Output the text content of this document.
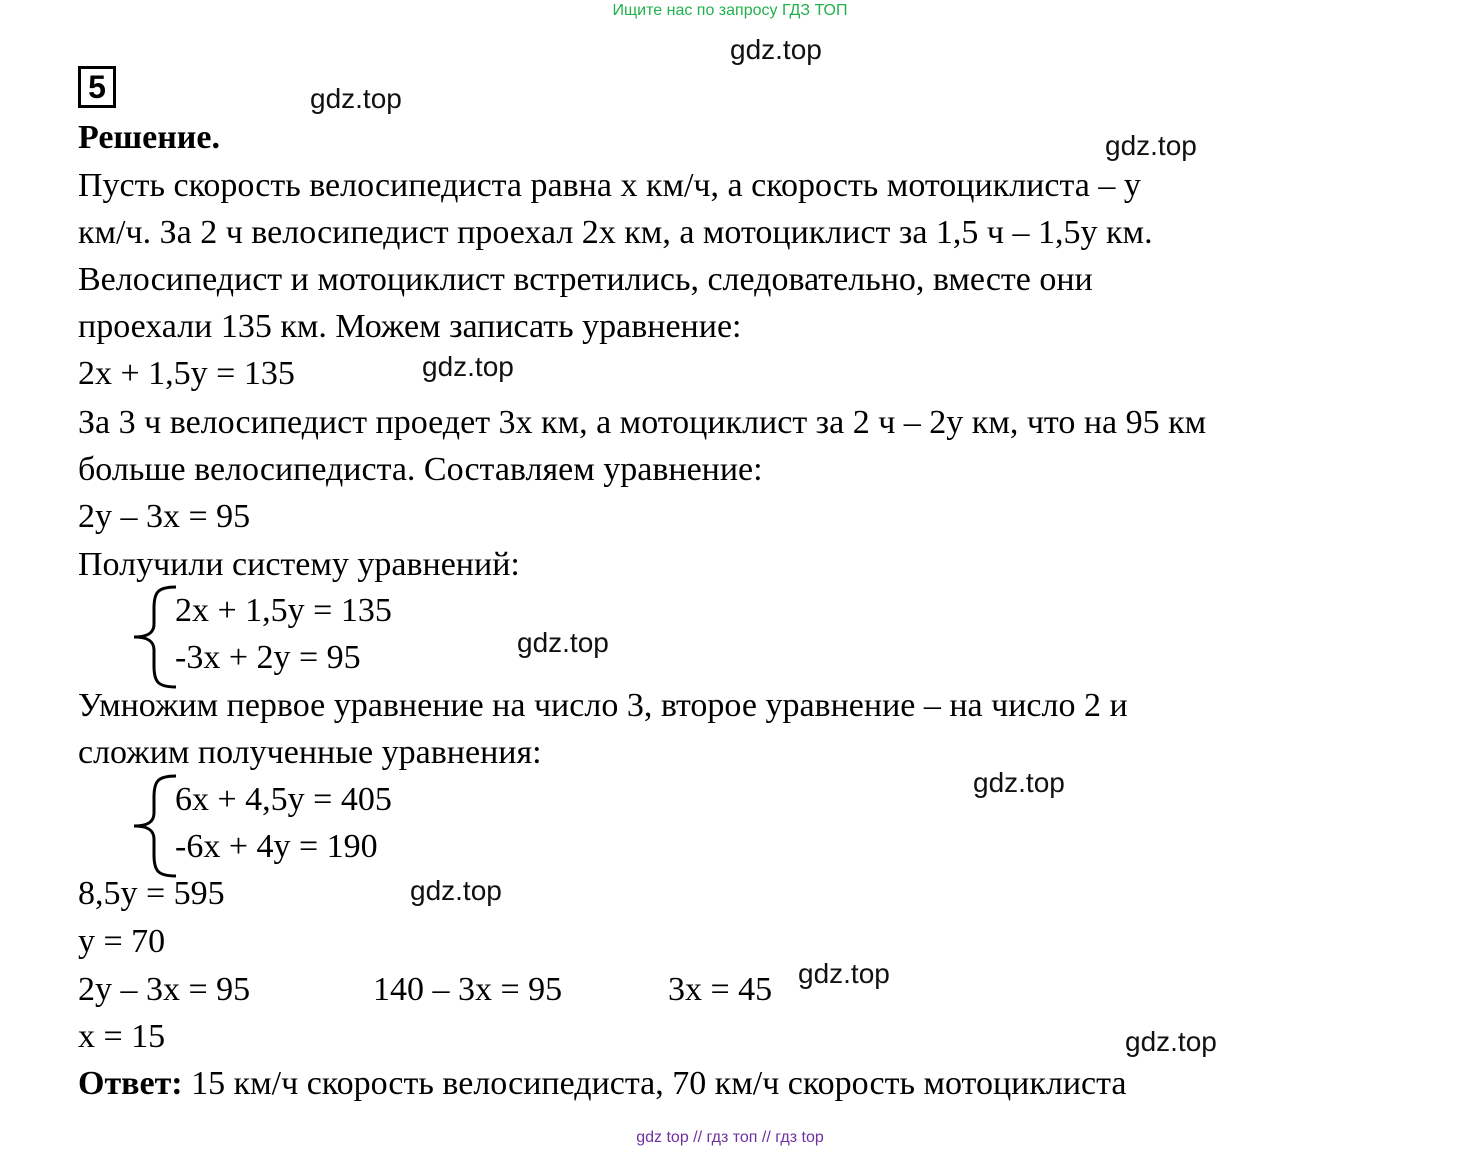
Ищите нас по запросу ГДЗ ТОП
gdz.top
gdz.top
gdz.top
gdz.top
gdz.top
gdz.top
gdz.top
gdz.top
gdz.top
5
Решение.
Пусть скорость велосипедиста равна х км/ч, а скорость мотоциклиста – у
км/ч. За 2 ч велосипедист проехал 2х км, а мотоциклист за 1,5 ч – 1,5у км.
Велосипедист и мотоциклист встретились, следовательно, вместе они
проехали 135 км. Можем записать уравнение:
2х + 1,5у = 135
За 3 ч велосипедист проедет 3х км, а мотоциклист за 2 ч – 2у км, что на 95 км
больше велосипедиста. Составляем уравнение:
2у – 3х = 95
Получили систему уравнений:
2х + 1,5у = 135
-3х + 2у = 95
Умножим первое уравнение на число 3, второе уравнение – на число 2 и
сложим полученные уравнения:
6х + 4,5у = 405
-6х + 4у = 190
8,5у = 595
у = 70
2у – 3х = 95	140 – 3х = 95	3х = 45
x = 15
Ответ: 15 км/ч скорость велосипедиста, 70 км/ч скорость мотоциклиста
gdz top // гдз топ // гдз top
